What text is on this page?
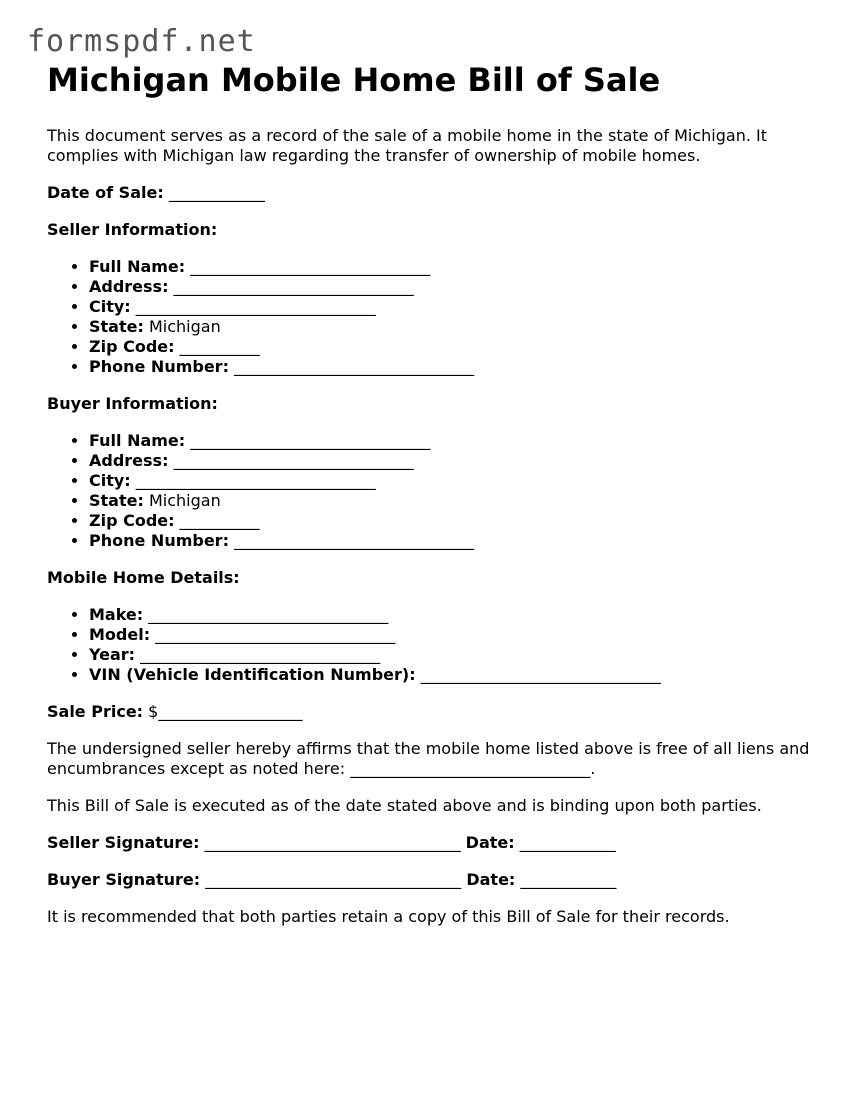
formspdf.net
Michigan Mobile Home Bill of Sale

This document serves as a record of the sale of a mobile home in the state of Michigan. It complies with Michigan law regarding the transfer of ownership of mobile homes.

Date of Sale: ____________

Seller Information:

• Full Name: ______________________________
• Address: ______________________________
• City: ______________________________
• State: Michigan
• Zip Code: __________
• Phone Number: ______________________________

Buyer Information:

• Full Name: ______________________________
• Address: ______________________________
• City: ______________________________
• State: Michigan
• Zip Code: __________
• Phone Number: ______________________________

Mobile Home Details:

• Make: ______________________________
• Model: ______________________________
• Year: ______________________________
• VIN (Vehicle Identification Number): ______________________________

Sale Price: $__________________

The undersigned seller hereby affirms that the mobile home listed above is free of all liens and encumbrances except as noted here: ______________________________.

This Bill of Sale is executed as of the date stated above and is binding upon both parties.

Seller Signature: ________________________________ Date: ____________

Buyer Signature: ________________________________ Date: ____________

It is recommended that both parties retain a copy of this Bill of Sale for their records.
